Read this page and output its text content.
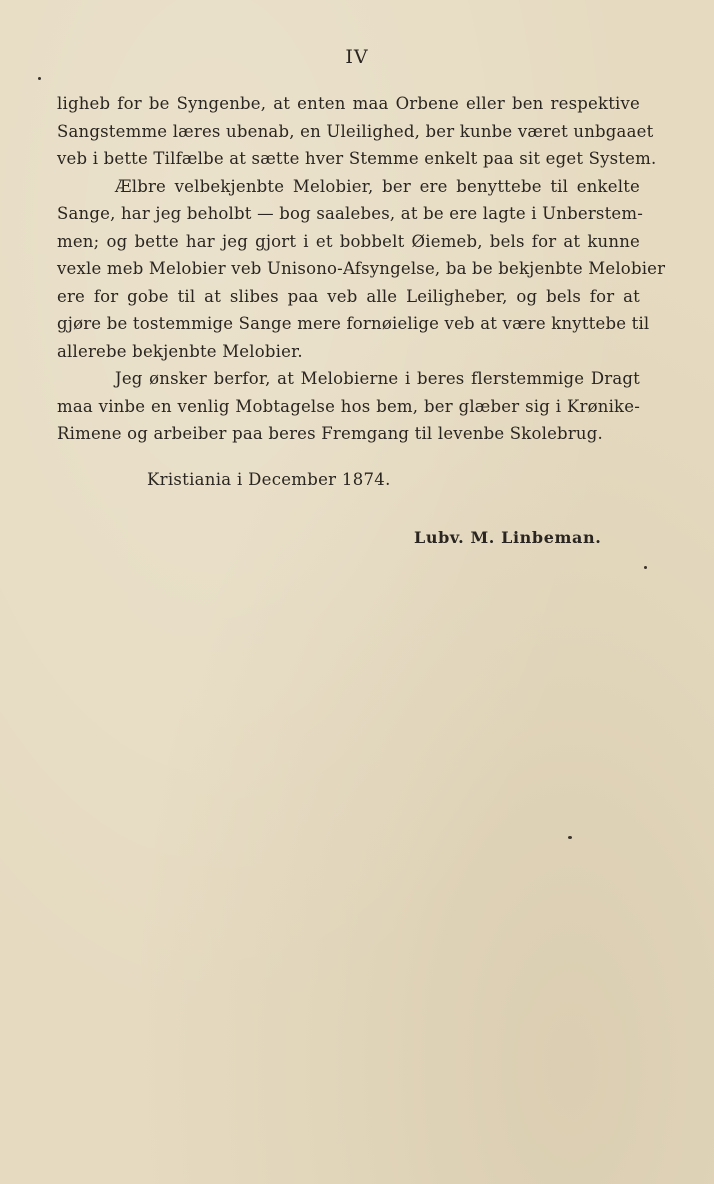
IV
ligheb for be Syngenbe, at enten maa Orbene eller ben respektive
Sangstemme læres ubenab, en Uleilighed, ber kunbe været unbgaaet
veb i bette Tilfælbe at sætte hver Stemme enkelt paa sit eget System.
Ælbre velbekjenbte Melobier, ber ere benyttebe til enkelte
Sange, har jeg beholbt — bog saalebes, at be ere lagte i Unberstem-
men; og bette har jeg gjort i et bobbelt Øiemeb, bels for at kunne
vexle meb Melobier veb Unisono-Afsyngelse, ba be bekjenbte Melobier
ere for gobe til at slibes paa veb alle Leiligheber, og bels for at
gjøre be tostemmige Sange mere fornøielige veb at være knyttebe til
allerebe bekjenbte Melobier.
Jeg ønsker berfor, at Melobierne i beres flerstemmige Dragt
maa vinbe en venlig Mobtagelse hos bem, ber glæber sig i Krønike-
Rimene og arbeiber paa beres Fremgang til levenbe Skolebrug.
Kristiania i December 1874.
Lubv. M. Linbeman.
